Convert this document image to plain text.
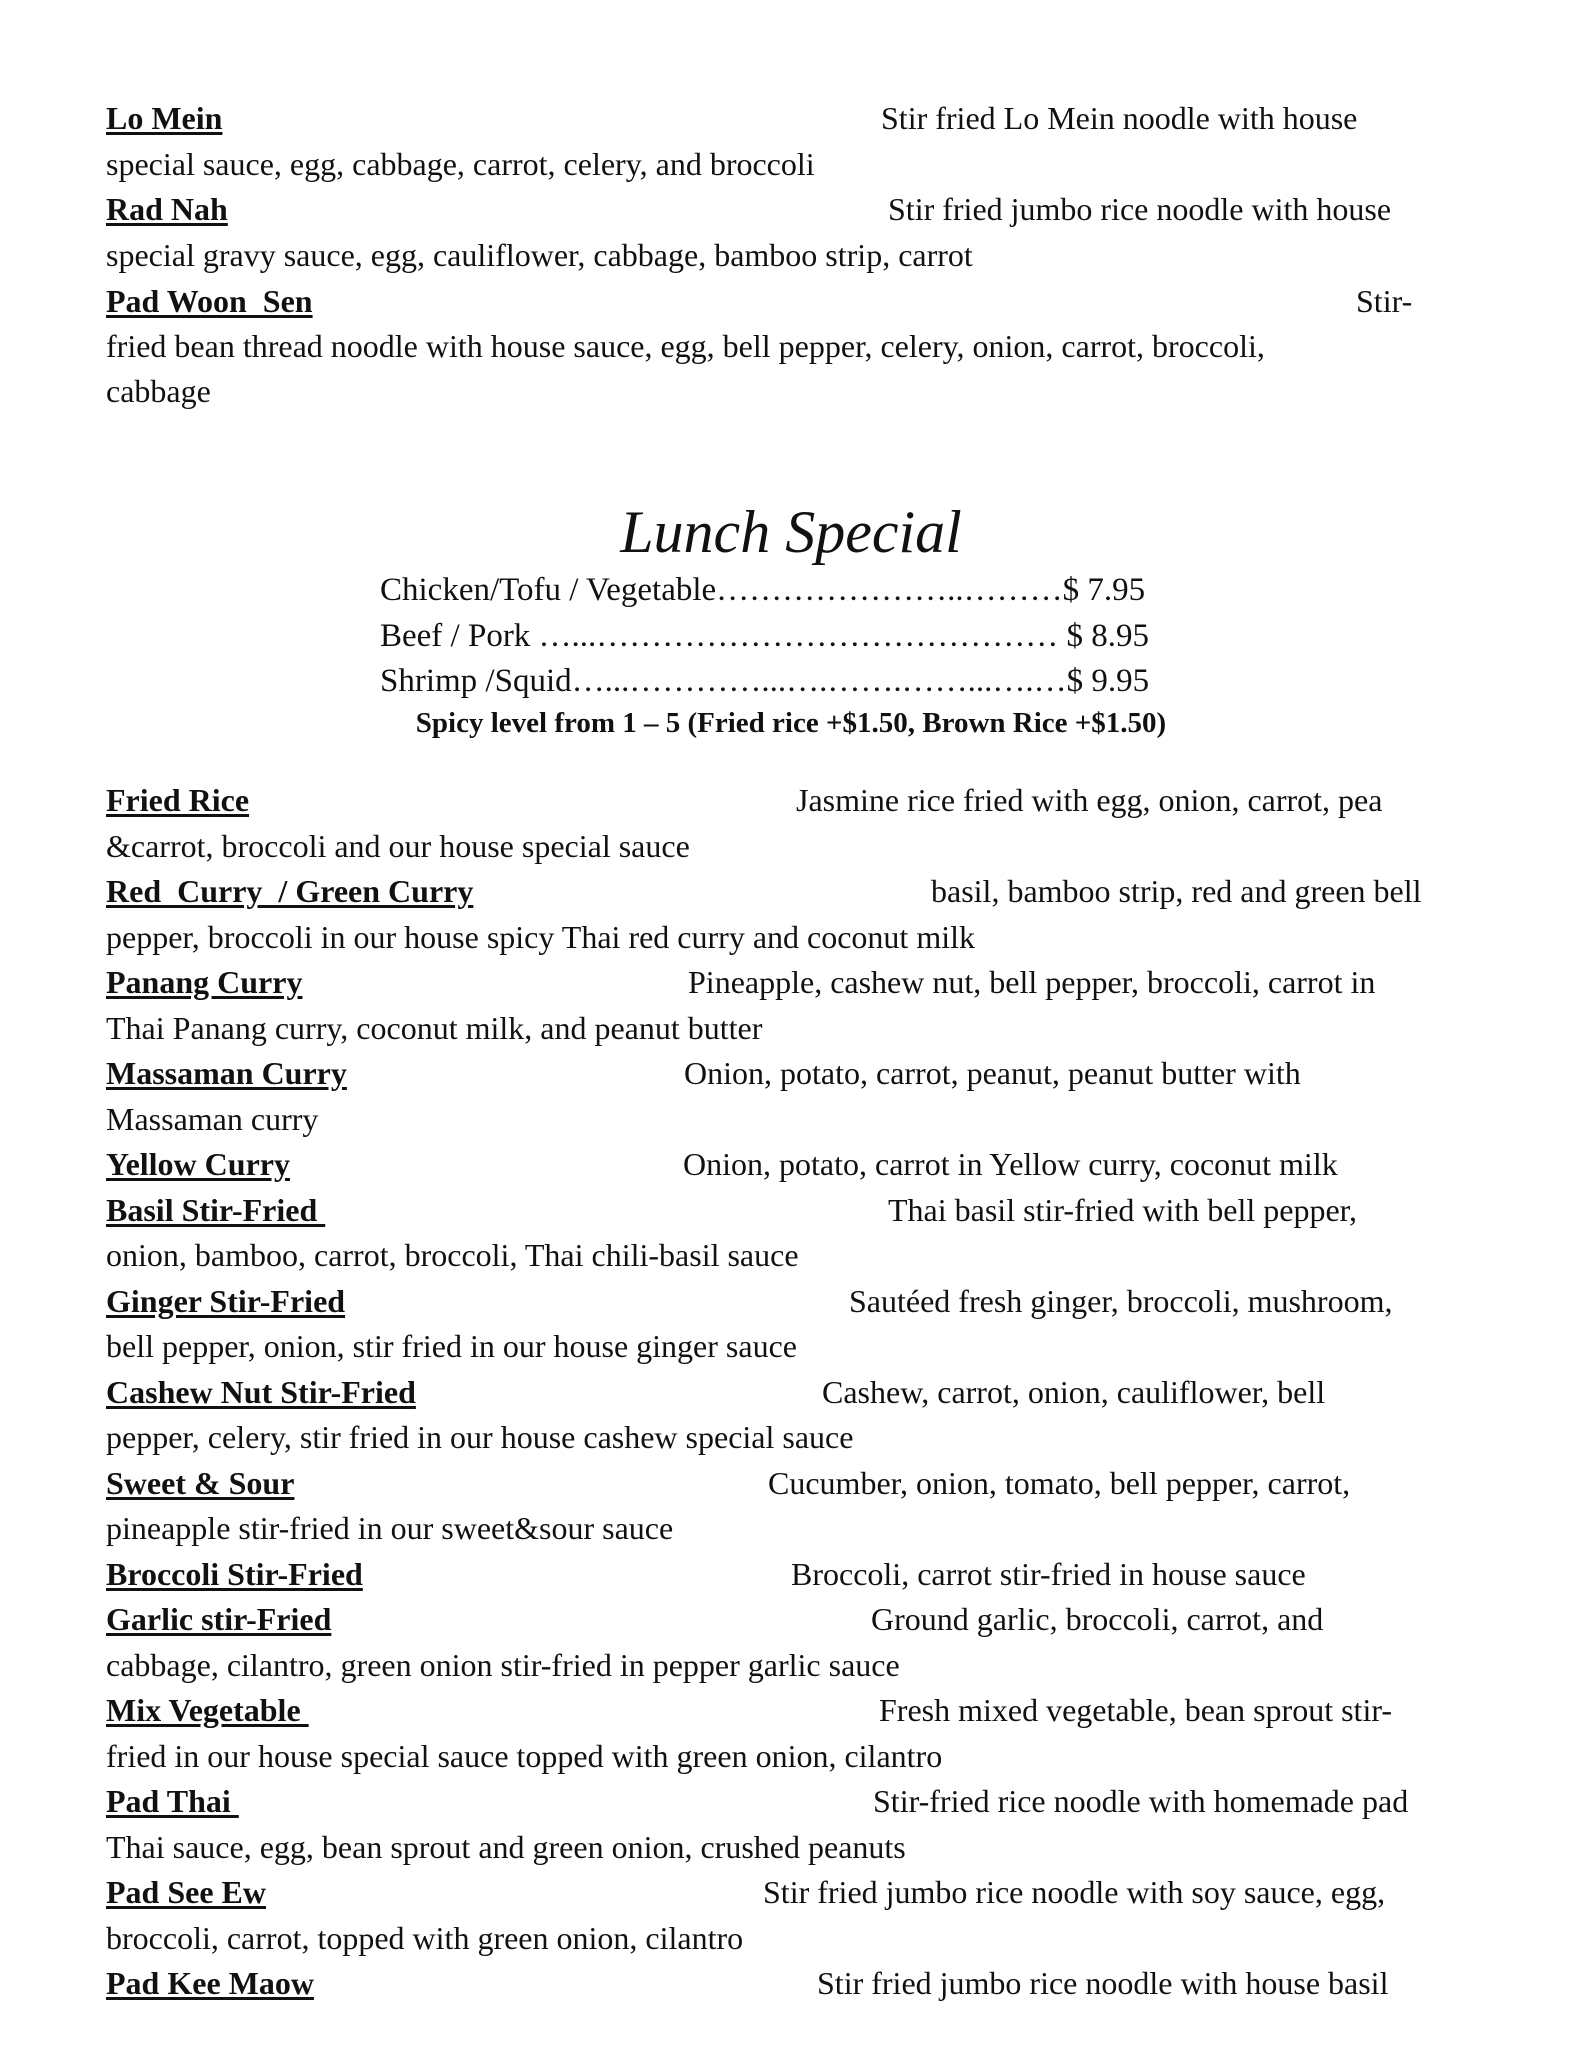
Lo Mein	Stir fried Lo Mein noodle with house
special sauce, egg, cabbage, carrot, celery, and broccoli
Rad Nah	Stir fried jumbo rice noodle with house
special gravy sauce, egg, cauliflower, cabbage, bamboo strip, carrot
Pad Woon  Sen	Stir-
fried bean thread noodle with house sauce, egg, bell pepper, celery, onion, carrot, broccoli,
cabbage
Lunch Special
Chicken/Tofu / Vegetable…………………..………$ 7.95
Beef / Pork …...…………………………………… $ 8.95
Shrimp /Squid…...…………...….…….……...….…$ 9.95
Spicy level from 1 – 5 (Fried rice +$1.50, Brown Rice +$1.50)
Fried Rice	Jasmine rice fried with egg, onion, carrot, pea
&carrot, broccoli and our house special sauce
Red  Curry  / Green Curry	basil, bamboo strip, red and green bell
pepper, broccoli in our house spicy Thai red curry and coconut milk
Panang Curry	Pineapple, cashew nut, bell pepper, broccoli, carrot in
Thai Panang curry, coconut milk, and peanut butter
Massaman Curry	Onion, potato, carrot, peanut, peanut butter with
Massaman curry
Yellow Curry	Onion, potato, carrot in Yellow curry, coconut milk
Basil Stir-Fried	Thai basil stir-fried with bell pepper,
onion, bamboo, carrot, broccoli, Thai chili-basil sauce
Ginger Stir-Fried	Sautéed fresh ginger, broccoli, mushroom,
bell pepper, onion, stir fried in our house ginger sauce
Cashew Nut Stir-Fried	Cashew, carrot, onion, cauliflower, bell
pepper, celery, stir fried in our house cashew special sauce
Sweet & Sour	Cucumber, onion, tomato, bell pepper, carrot,
pineapple stir-fried in our sweet&sour sauce
Broccoli Stir-Fried	Broccoli, carrot stir-fried in house sauce
Garlic stir-Fried	Ground garlic, broccoli, carrot, and
cabbage, cilantro, green onion stir-fried in pepper garlic sauce
Mix Vegetable	Fresh mixed vegetable, bean sprout stir-
fried in our house special sauce topped with green onion, cilantro
Pad Thai	Stir-fried rice noodle with homemade pad
Thai sauce, egg, bean sprout and green onion, crushed peanuts
Pad See Ew	Stir fried jumbo rice noodle with soy sauce, egg,
broccoli, carrot, topped with green onion, cilantro
Pad Kee Maow	Stir fried jumbo rice noodle with house basil
